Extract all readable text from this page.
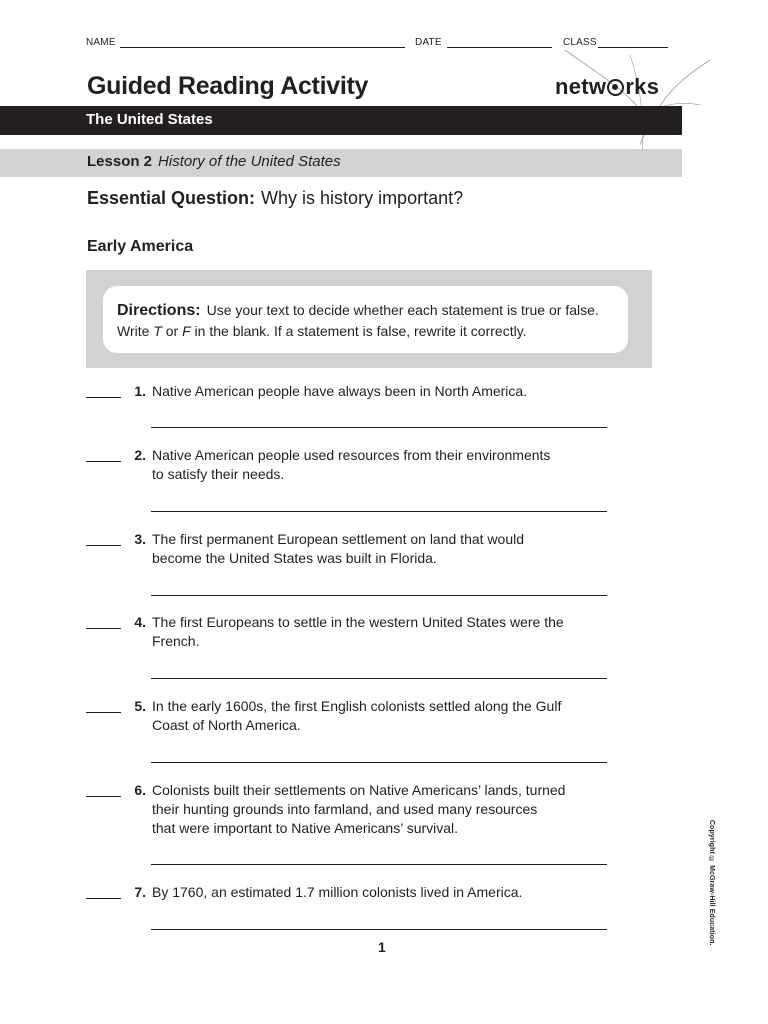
NAME	DATE	CLASS
Guided Reading Activity	netw rks
The United States
Lesson 2 History of the United States
Essential Question: Why is history important?
Early America
Directions: Use your text to decide whether each statement is true or false.
Write T or F in the blank. If a statement is false, rewrite it correctly.
1. Native American people have always been in North America.
2. Native American people used resources from their environments
to satisfy their needs.
3. The first permanent European settlement on land that would
become the United States was built in Florida.
4. The first Europeans to settle in the western United States were the
French.
5. In the early 1600s, the first English colonists settled along the Gulf
Coast of North America.
6. Colonists built their settlements on Native Americans’ lands, turned
their hunting grounds into farmland, and used many resources
that were important to Native Americans’ survival.
7. By 1760, an estimated 1.7 million colonists lived in America.
1
Copyright © McGraw-Hill Education.
